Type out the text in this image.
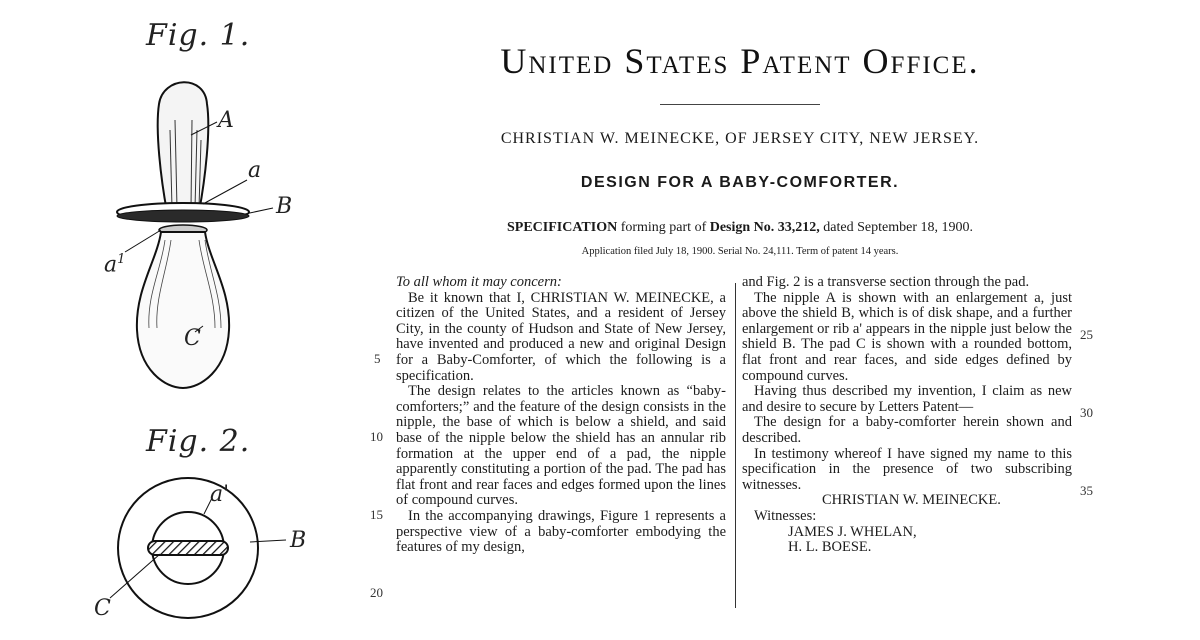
Fig. 1.
A
a
B
$a^1$
C
Fig. 2.
a'
B
C
United States Patent Office.
CHRISTIAN W. MEINECKE, OF JERSEY CITY, NEW JERSEY.
DESIGN FOR A BABY-COMFORTER.
SPECIFICATION forming part of Design No. 33,212, dated September 18, 1900.
Application filed July 18, 1900. Serial No. 24,111. Term of patent 14 years.

To all whom it may concern:

Be it known that I, CHRISTIAN W. MEINECKE, a citizen of the United States, and a resident of Jersey City, in the county of Hudson and State of New Jersey, have invented and produced a new and original Design for a Baby-Comforter, of which the following is a specification.

The design relates to the articles known as “baby-comforters;” and the feature of the design consists in the nipple, the base of which is below a shield, and said base of the nipple below the shield has an annular rib formation at the upper end of a pad, the nipple apparently constituting a portion of the pad. The pad has flat front and rear faces and edges formed upon the lines of compound curves.

In the accompanying drawings, Figure 1 represents a perspective view of a baby-comforter embodying the features of my design,

5
10
15
20

and Fig. 2 is a transverse section through the pad.

The nipple A is shown with an enlargement a, just above the shield B, which is of disk shape, and a further enlargement or rib a' appears in the nipple just below the shield B. The pad C is shown with a rounded bottom, flat front and rear faces, and side edges defined by compound curves.

Having thus described my invention, I claim as new and desire to secure by Letters Patent—

The design for a baby-comforter herein shown and described.

In testimony whereof I have signed my name to this specification in the presence of two subscribing witnesses.

CHRISTIAN W. MEINECKE.

Witnesses:

JAMES J. WHELAN,

H. L. BOESE.

25
30
35
